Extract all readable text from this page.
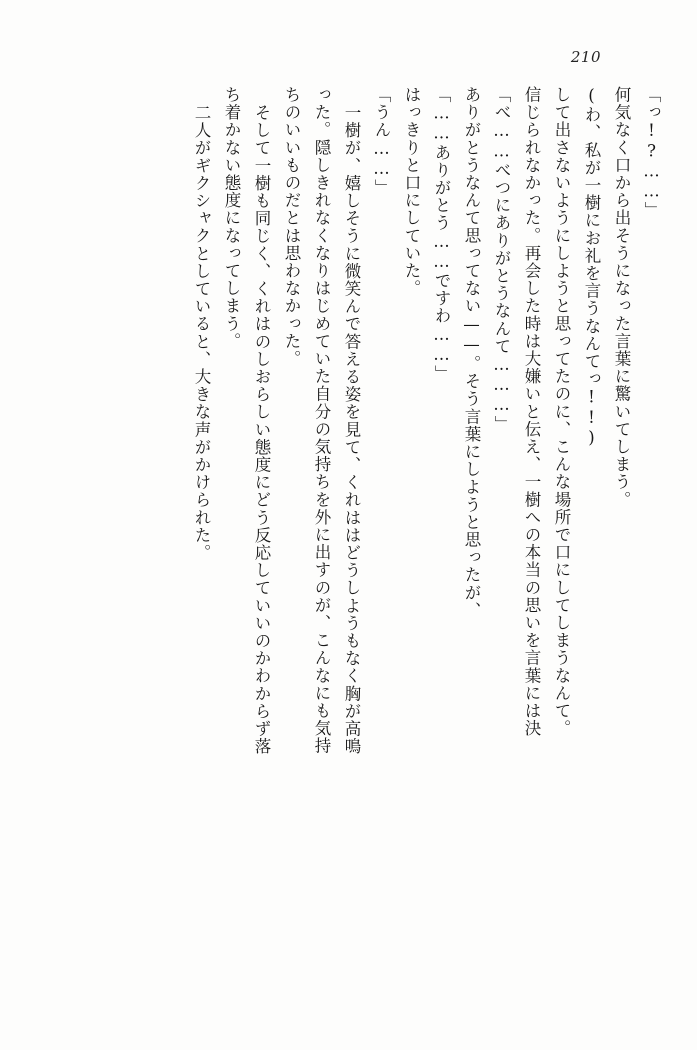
210
「っ!?……」
何気なく口から出そうになった言葉に驚いてしまう。
(わ、私が一樹にお礼を言うなんてっ!!)
して出さないようにしようと思ってたのに、こんな場所で口にしてしまうなんて。
信じられなかった。再会した時は大嫌いと伝え、一樹への本当の思いを言葉には決
「べ……べつにありがとうなんて………」
ありがとうなんて思ってない——。そう言葉にしようと思ったが、
「……ありがとう……ですわ……」
はっきりと口にしていた。
「うん……」
一樹が、嬉しそうに微笑んで答える姿を見て、くれははどうしようもなく胸が高鳴
った。隠しきれなくなりはじめていた自分の気持ちを外に出すのが、こんなにも気持
ちのいいものだとは思わなかった。
そして一樹も同じく、くれはのしおらしい態度にどう反応していいのかわからず落
ち着かない態度になってしまう。
二人がギクシャクとしていると、大きな声がかけられた。
